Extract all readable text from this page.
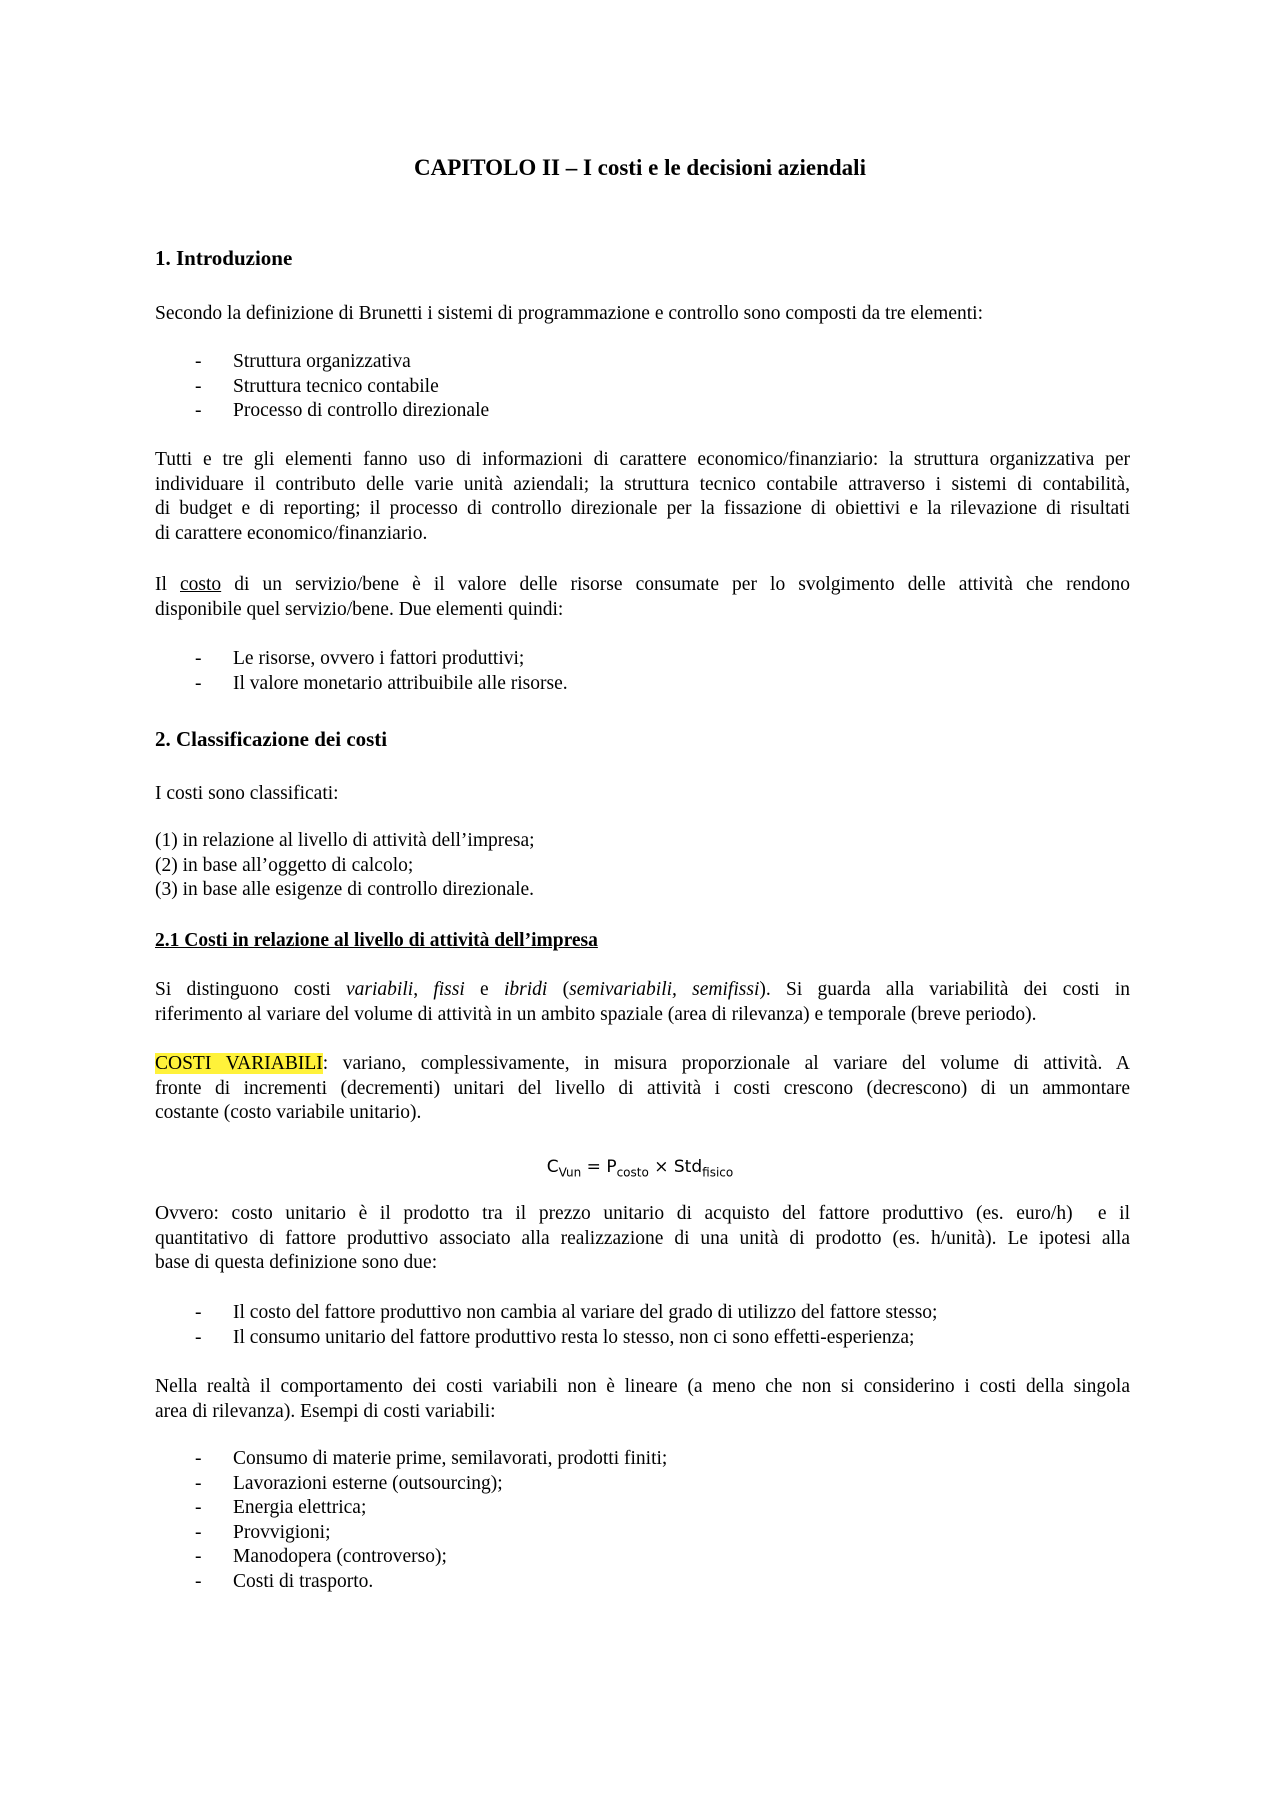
CAPITOLO II – I costi e le decisioni aziendali
1. Introduzione

Secondo la definizione di Brunetti i sistemi di programmazione e controllo sono composti da tre elementi:

- Struttura organizzativa
- Struttura tecnico contabile
- Processo di controllo direzionale
Tutti e tre gli elementi fanno uso di informazioni di carattere economico/finanziario: la struttura organizzativa per
individuare il contributo delle varie unità aziendali; la struttura tecnico contabile attraverso i sistemi di contabilità,
di budget e di reporting; il processo di controllo direzionale per la fissazione di obiettivi e la rilevazione di risultati
di carattere economico/finanziario.
Il costo di un servizio/bene è il valore delle risorse consumate per lo svolgimento delle attività che rendono
disponibile quel servizio/bene. Due elementi quindi:
- Le risorse, ovvero i fattori produttivi;
- Il valore monetario attribuibile alle risorse.
2. Classificazione dei costi

I costi sono classificati:

(1) in relazione al livello di attività dell’impresa;
(2) in base all’oggetto di calcolo;
(3) in base alle esigenze di controllo direzionale.
2.1 Costi in relazione al livello di attività dell’impresa
Si distinguono costi variabili, fissi e ibridi (semivariabili, semifissi). Si guarda alla variabilità dei costi in
riferimento al variare del volume di attività in un ambito spaziale (area di rilevanza) e temporale (breve periodo).
COSTI VARIABILI: variano, complessivamente, in misura proporzionale al variare del volume di attività. A
fronte di incrementi (decrementi) unitari del livello di attività i costi crescono (decrescono) di un ammontare
costante (costo variabile unitario).
$C_{Vun} = P_{costo} \times Std_{fisico}$
Ovvero: costo unitario è il prodotto tra il prezzo unitario di acquisto del fattore produttivo (es. euro/h)  e il
quantitativo di fattore produttivo associato alla realizzazione di una unità di prodotto (es. h/unità). Le ipotesi alla
base di questa definizione sono due:
- Il costo del fattore produttivo non cambia al variare del grado di utilizzo del fattore stesso;
- Il consumo unitario del fattore produttivo resta lo stesso, non ci sono effetti-esperienza;
Nella realtà il comportamento dei costi variabili non è lineare (a meno che non si considerino i costi della singola
area di rilevanza). Esempi di costi variabili:
- Consumo di materie prime, semilavorati, prodotti finiti;
- Lavorazioni esterne (outsourcing);
- Energia elettrica;
- Provvigioni;
- Manodopera (controverso);
- Costi di trasporto.
